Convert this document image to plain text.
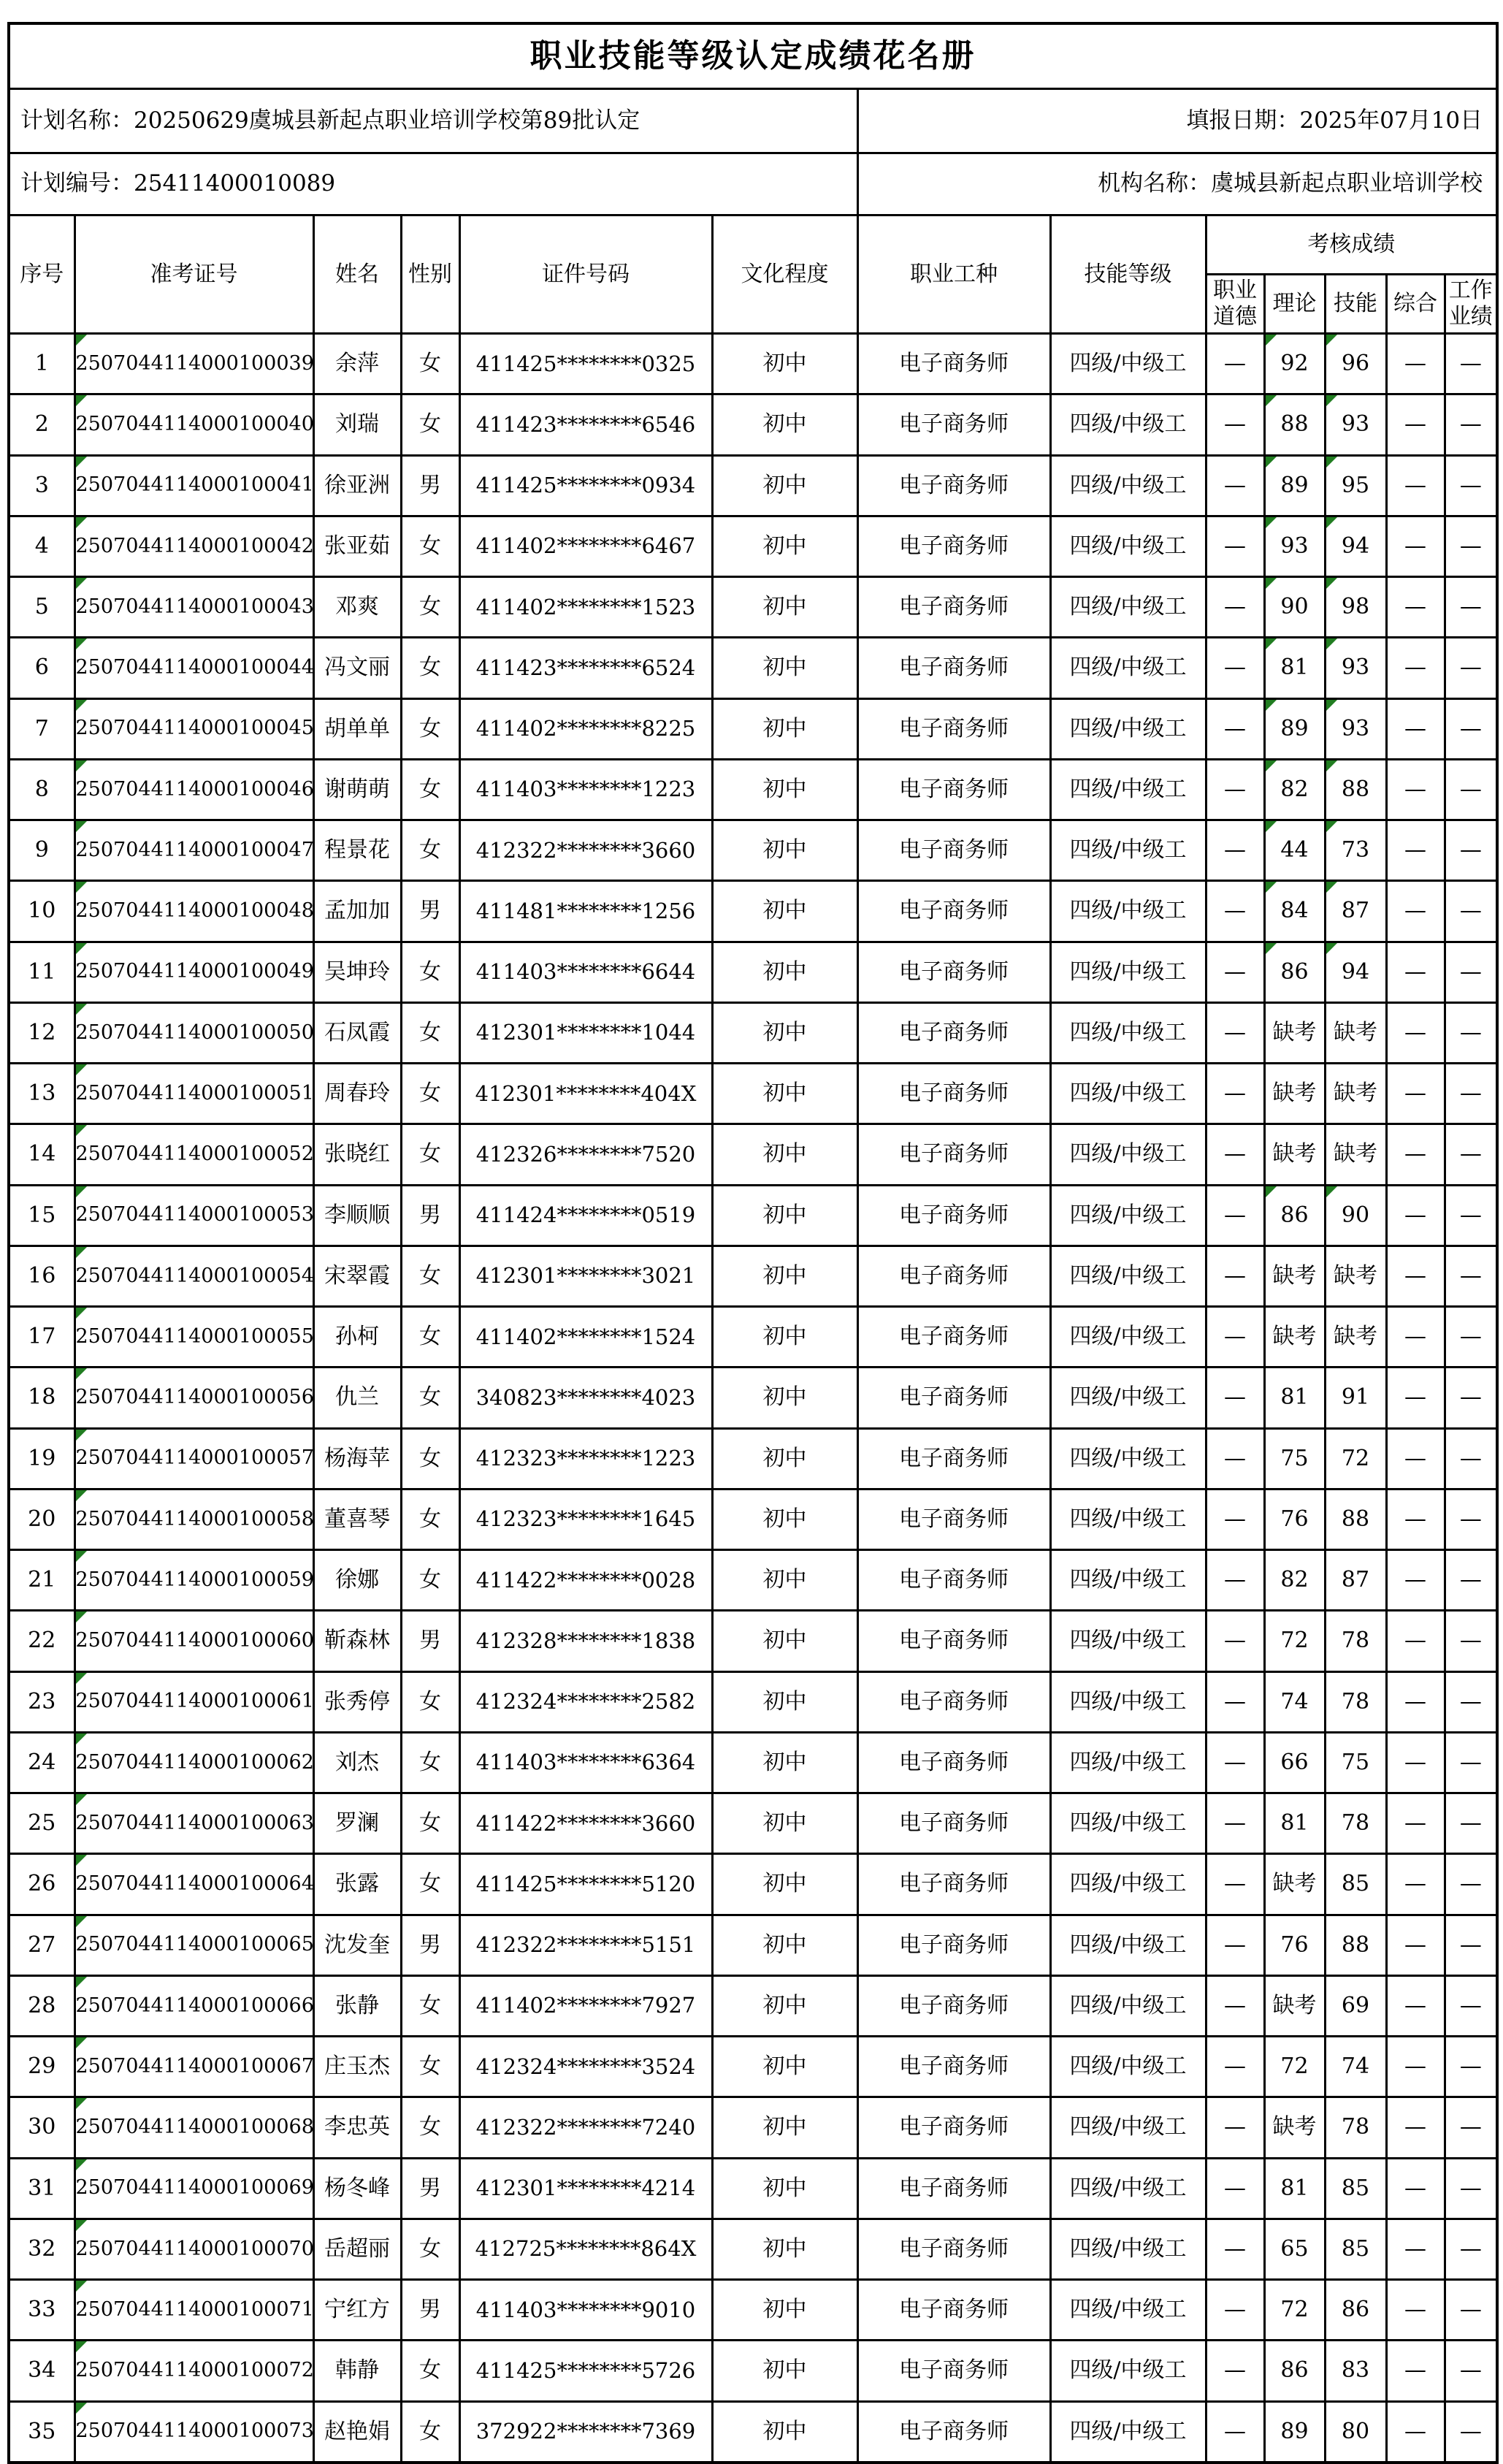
职业技能等级认定成绩花名册												
计划名称：20250629虞城县新起点职业培训学校第89批认定						填报日期：2025年07月10日						
计划编号：25411400010089						机构名称：虞城县新起点职业培训学校						
序号	准考证号	姓名	性别	证件号码	文化程度	职业工种	技能等级	考核成绩				
								职业道德	理论	技能	综合	工作业绩
1	2507044114000100039	余萍	女	411425********0325	初中	电子商务师	四级/中级工	—	92	96	—	—
2	2507044114000100040	刘瑞	女	411423********6546	初中	电子商务师	四级/中级工	—	88	93	—	—
3	2507044114000100041	徐亚洲	男	411425********0934	初中	电子商务师	四级/中级工	—	89	95	—	—
4	2507044114000100042	张亚茹	女	411402********6467	初中	电子商务师	四级/中级工	—	93	94	—	—
5	2507044114000100043	邓爽	女	411402********1523	初中	电子商务师	四级/中级工	—	90	98	—	—
6	2507044114000100044	冯文丽	女	411423********6524	初中	电子商务师	四级/中级工	—	81	93	—	—
7	2507044114000100045	胡单单	女	411402********8225	初中	电子商务师	四级/中级工	—	89	93	—	—
8	2507044114000100046	谢萌萌	女	411403********1223	初中	电子商务师	四级/中级工	—	82	88	—	—
9	2507044114000100047	程景花	女	412322********3660	初中	电子商务师	四级/中级工	—	44	73	—	—
10	2507044114000100048	孟加加	男	411481********1256	初中	电子商务师	四级/中级工	—	84	87	—	—
11	2507044114000100049	吴坤玲	女	411403********6644	初中	电子商务师	四级/中级工	—	86	94	—	—
12	2507044114000100050	石凤霞	女	412301********1044	初中	电子商务师	四级/中级工	—	缺考	缺考	—	—
13	2507044114000100051	周春玲	女	412301********404X	初中	电子商务师	四级/中级工	—	缺考	缺考	—	—
14	2507044114000100052	张晓红	女	412326********7520	初中	电子商务师	四级/中级工	—	缺考	缺考	—	—
15	2507044114000100053	李顺顺	男	411424********0519	初中	电子商务师	四级/中级工	—	86	90	—	—
16	2507044114000100054	宋翠霞	女	412301********3021	初中	电子商务师	四级/中级工	—	缺考	缺考	—	—
17	2507044114000100055	孙柯	女	411402********1524	初中	电子商务师	四级/中级工	—	缺考	缺考	—	—
18	2507044114000100056	仇兰	女	340823********4023	初中	电子商务师	四级/中级工	—	81	91	—	—
19	2507044114000100057	杨海苹	女	412323********1223	初中	电子商务师	四级/中级工	—	75	72	—	—
20	2507044114000100058	董喜琴	女	412323********1645	初中	电子商务师	四级/中级工	—	76	88	—	—
21	2507044114000100059	徐娜	女	411422********0028	初中	电子商务师	四级/中级工	—	82	87	—	—
22	2507044114000100060	靳森林	男	412328********1838	初中	电子商务师	四级/中级工	—	72	78	—	—
23	2507044114000100061	张秀停	女	412324********2582	初中	电子商务师	四级/中级工	—	74	78	—	—
24	2507044114000100062	刘杰	女	411403********6364	初中	电子商务师	四级/中级工	—	66	75	—	—
25	2507044114000100063	罗澜	女	411422********3660	初中	电子商务师	四级/中级工	—	81	78	—	—
26	2507044114000100064	张露	女	411425********5120	初中	电子商务师	四级/中级工	—	缺考	85	—	—
27	2507044114000100065	沈发奎	男	412322********5151	初中	电子商务师	四级/中级工	—	76	88	—	—
28	2507044114000100066	张静	女	411402********7927	初中	电子商务师	四级/中级工	—	缺考	69	—	—
29	2507044114000100067	庄玉杰	女	412324********3524	初中	电子商务师	四级/中级工	—	72	74	—	—
30	2507044114000100068	李忠英	女	412322********7240	初中	电子商务师	四级/中级工	—	缺考	78	—	—
31	2507044114000100069	杨冬峰	男	412301********4214	初中	电子商务师	四级/中级工	—	81	85	—	—
32	2507044114000100070	岳超丽	女	412725********864X	初中	电子商务师	四级/中级工	—	65	85	—	—
33	2507044114000100071	宁红方	男	411403********9010	初中	电子商务师	四级/中级工	—	72	86	—	—
34	2507044114000100072	韩静	女	411425********5726	初中	电子商务师	四级/中级工	—	86	83	—	—
35	2507044114000100073	赵艳娟	女	372922********7369	初中	电子商务师	四级/中级工	—	89	80	—	—
